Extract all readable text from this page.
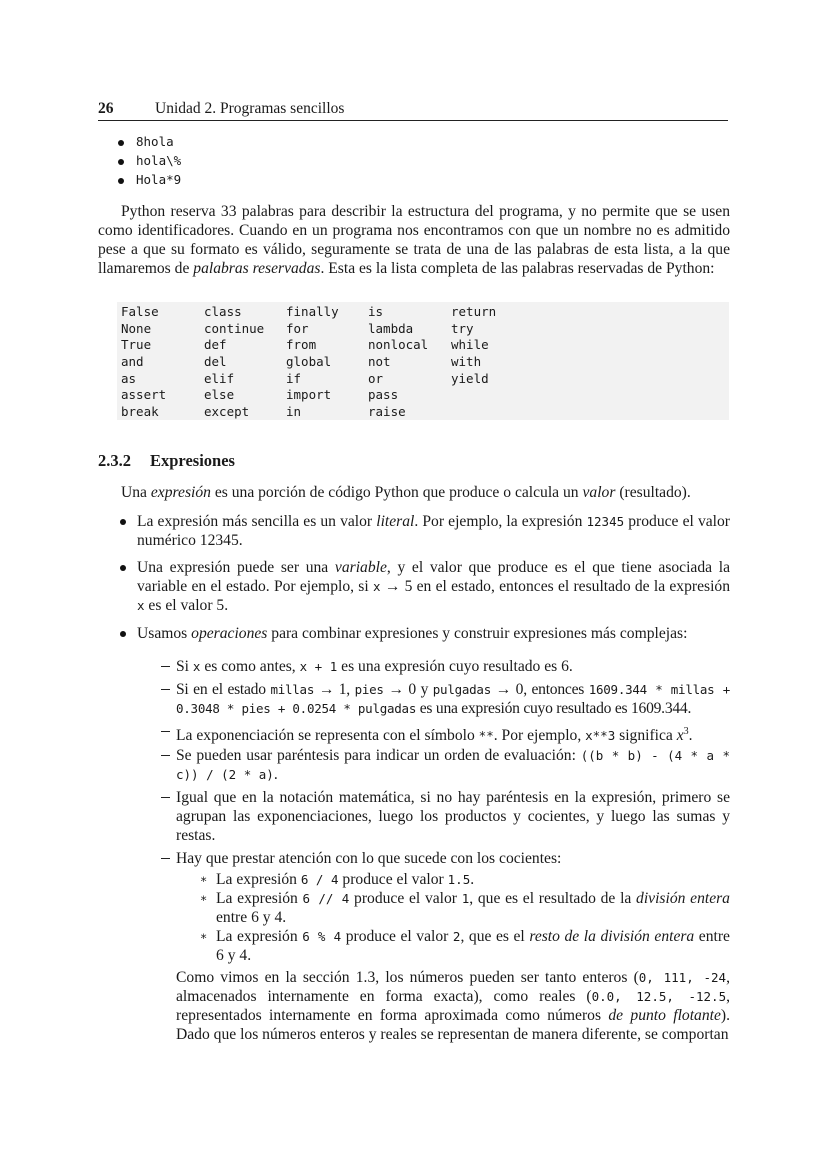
26	Unidad 2. Programas sencillos
8hola
hola\%
Hola*9

Python reserva 33 palabras para describir la estructura del programa, y no permite que se usen como identificadores. Cuando en un programa nos encontramos con que un nombre no es admitido pese a que su formato es válido, seguramente se trata de una de las palabras de esta lista, a la que llamaremos de palabras reservadas. Esta es la lista completa de las palabras reservadas de Python:

False
None
True
and
as
assert
break
class
continue
def
del
elif
else
except
finally
for
from
global
if
import
in
is
lambda
nonlocal
not
or
pass
raise
return
try
while
with
yield
2.3.2 Expresiones

Una expresión es una porción de código Python que produce o calcula un valor (resultado).

La expresión más sencilla es un valor literal. Por ejemplo, la expresión 12345 produce el valor numérico 12345.

Una expresión puede ser una variable, y el valor que produce es el que tiene asociada la variable en el estado. Por ejemplo, si x → 5 en el estado, entonces el resultado de la expresión x es el valor 5.

Usamos operaciones para combinar expresiones y construir expresiones más complejas:

Si x es como antes, x + 1 es una expresión cuyo resultado es 6.

Si en el estado millas → 1, pies → 0 y pulgadas → 0, entonces 1609.344 * millas + 0.3048 * pies + 0.0254 * pulgadas es una expresión cuyo resultado es 1609.344.

La exponenciación se representa con el símbolo **. Por ejemplo, x**3 significa $x^3$.

Se pueden usar paréntesis para indicar un orden de evaluación: ((b * b) - (4 * a * c)) / (2 * a).

Igual que en la notación matemática, si no hay paréntesis en la expresión, primero se agrupan las exponenciaciones, luego los productos y cocientes, y luego las sumas y restas.

Hay que prestar atención con lo que sucede con los cocientes:

∗ La expresión 6 / 4 produce el valor 1.5.

∗ La expresión 6 // 4 produce el valor 1, que es el resultado de la división entera entre 6 y 4.

∗ La expresión 6 % 4 produce el valor 2, que es el resto de la división entera entre 6 y 4.

Como vimos en la sección 1.3, los números pueden ser tanto enteros (0, 111, -24, almacenados internamente en forma exacta), como reales (0.0, 12.5, -12.5, representados internamente en forma aproximada como números de punto flotante). Dado que los números enteros y reales se representan de manera diferente, se comportan
